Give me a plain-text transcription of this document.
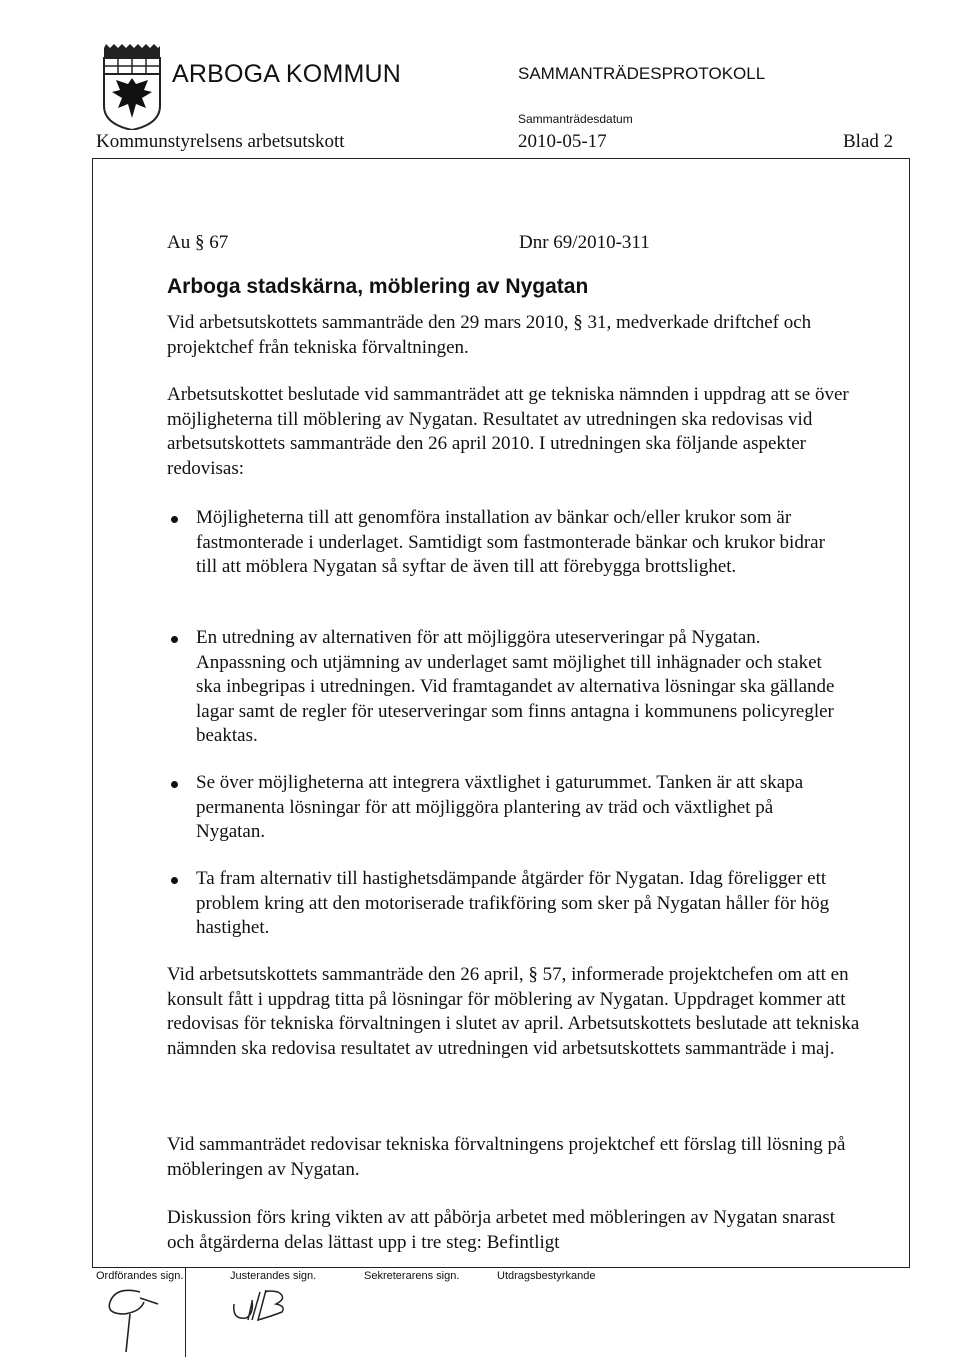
ARBOGA KOMMUN	SAMMANTRÄDESPROTOKOLL
Sammanträdesdatum
Kommunstyrelsens arbetsutskott	2010-05-17	Blad 2
Au § 67	Dnr 69/2010-311
Arboga stadskärna, möblering av Nygatan
Vid arbetsutskottets sammanträde den 29 mars 2010, § 31, medverkade driftchef och projektchef från tekniska förvaltningen.
Arbetsutskottet beslutade vid sammanträdet att ge tekniska nämnden i uppdrag att se över möjligheterna till möblering av Nygatan. Resultatet av utredningen ska redovisas vid arbetsutskottets sammanträde den 26 april 2010. I utredningen ska följande aspekter redovisas:
Möjligheterna till att genomföra installation av bänkar och/eller krukor som är fastmonterade i underlaget. Samtidigt som fastmonterade bänkar och krukor bidrar till att möblera Nygatan så syftar de även till att förebygga brottslighet.
En utredning av alternativen för att möjliggöra uteserveringar på Nygatan. Anpassning och utjämning av underlaget samt möjlighet till inhägnader och staket ska inbegripas i utredningen. Vid framtagandet av alternativa lösningar ska gällande lagar samt de regler för uteserveringar som finns antagna i kommunens policyregler beaktas.
Se över möjligheterna att integrera växtlighet i gaturummet. Tanken är att skapa permanenta lösningar för att möjliggöra plantering av träd och växtlighet på Nygatan.
Ta fram alternativ till hastighetsdämpande åtgärder för Nygatan. Idag föreligger ett problem kring att den motoriserade trafikföring som sker på Nygatan håller för hög hastighet.
Vid arbetsutskottets sammanträde den 26 april, § 57, informerade projektchefen om att en konsult fått i uppdrag titta på lösningar för möblering av Nygatan. Uppdraget kommer att redovisas för tekniska förvaltningen i slutet av april. Arbetsutskottets beslutade att tekniska nämnden ska redovisa resultatet av utredningen vid arbetsutskottets sammanträde i maj.
Vid sammanträdet redovisar tekniska förvaltningens projektchef ett förslag till lösning på möbleringen av Nygatan.
Diskussion förs kring vikten av att påbörja arbetet med möbleringen av Nygatan snarast och åtgärderna delas lättast upp i tre steg: Befintligt
Ordförandes sign.	Justerandes sign.	Sekreterarens sign.	Utdragsbestyrkande
